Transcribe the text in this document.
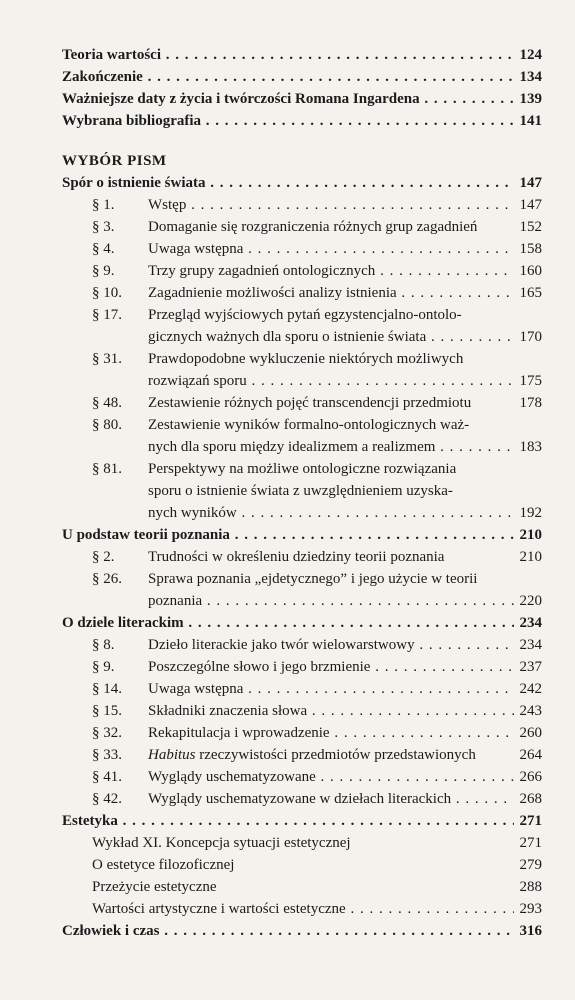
Teoria wartości . . .	124
Zakończenie . . .	134
Ważniejsze daty z życia i twórczości Romana Ingardena . . .	139
Wybrana bibliografia . . .	141
WYBÓR PISM
Spór o istnienie świata . . .	147
§ 1. Wstęp . . .	147
§ 3. Domaganie się rozgraniczenia różnych grup zagadnień	152
§ 4. Uwaga wstępna . . .	158
§ 9. Trzy grupy zagadnień ontologicznych . . .	160
§ 10. Zagadnienie możliwości analizy istnienia . . .	165
§ 17. Przegląd wyjściowych pytań egzystencjalno-ontolo-
gicznych ważnych dla sporu o istnienie świata . . .	170
§ 31. Prawdopodobne wykluczenie niektórych możliwych
rozwiązań sporu . . .	175
§ 48. Zestawienie różnych pojęć transcendencji przedmiotu	178
§ 80. Zestawienie wyników formalno-ontologicznych waż-
nych dla sporu między idealizmem a realizmem . . .	183
§ 81. Perspektywy na możliwe ontologiczne rozwiązania
sporu o istnienie świata z uwzględnieniem uzyska-
nych wyników . . .	192
U podstaw teorii poznania . . .	210
§ 2. Trudności w określeniu dziedziny teorii poznania	210
§ 26. Sprawa poznania „ejdetycznego” i jego użycie w teorii
poznania . . .	220
O dziele literackim . . .	234
§ 8. Dzieło literackie jako twór wielowarstwowy . . .	234
§ 9. Poszczególne słowo i jego brzmienie . . .	237
§ 14. Uwaga wstępna . . .	242
§ 15. Składniki znaczenia słowa . . .	243
§ 32. Rekapitulacja i wprowadzenie . . .	260
§ 33. Habitus rzeczywistości przedmiotów przedstawionych	264
§ 41. Wyglądy uschematyzowane . . .	266
§ 42. Wyglądy uschematyzowane w dziełach literackich . . .	268
Estetyka . . .	271
Wykład XI. Koncepcja sytuacji estetycznej	271
O estetyce filozoficznej	279
Przeżycie estetyczne	288
Wartości artystyczne i wartości estetyczne . . .	293
Człowiek i czas . . .	316
